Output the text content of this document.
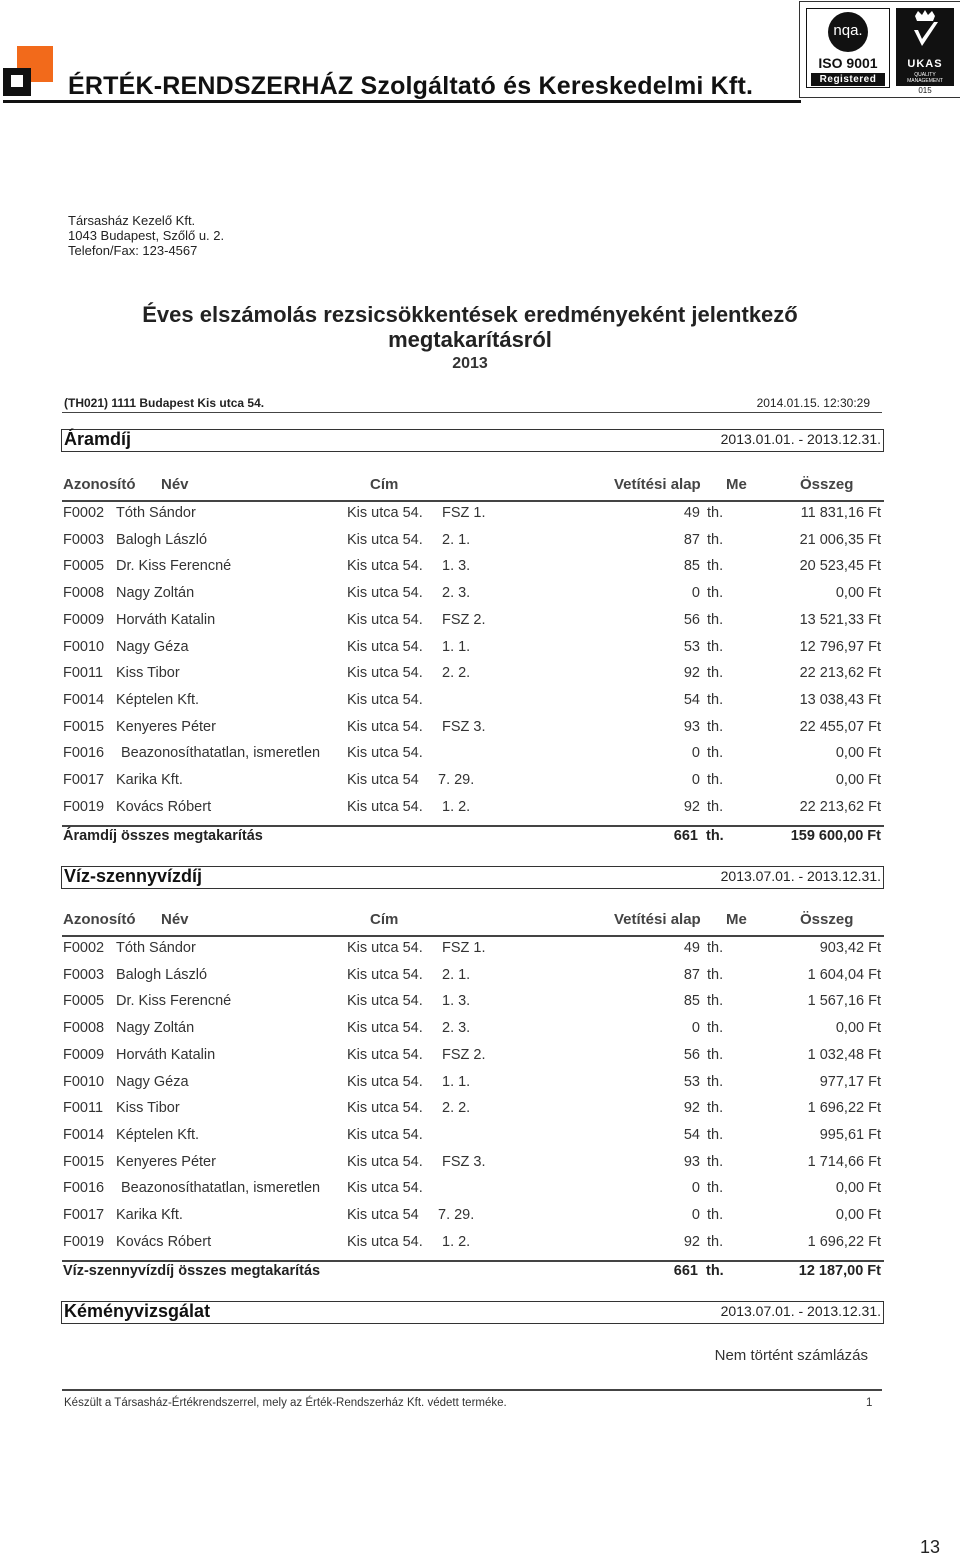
ÉRTÉK-RENDSZERHÁZ Szolgáltató és Kereskedelmi Kft.
nqa.
ISO 9001
Registered
UKAS
QUALITY MANAGEMENT
015
Társasház Kezelő Kft.
1043 Budapest, Szőlő u. 2.
Telefon/Fax: 123-4567
Éves elszámolás rezsicsökkentések eredményeként jelentkező
megtakarításról
2013
(TH021) 1111 Budapest Kis utca 54.	2014.01.15. 12:30:29
Áramdíj	2013.01.01. - 2013.12.31.
Azonosító Név	Cím	Vetítési alap Me	Összeg
F0002 Tóth Sándor	Kis utca 54. FSZ 1.	49 th.	11 831,16 Ft
F0003 Balogh László	Kis utca 54. 2. 1.	87 th.	21 006,35 Ft
F0005 Dr. Kiss Ferencné	Kis utca 54. 1. 3.	85 th.	20 523,45 Ft
F0008 Nagy Zoltán	Kis utca 54. 2. 3.	0 th.	0,00 Ft
F0009 Horváth Katalin	Kis utca 54. FSZ 2.	56 th.	13 521,33 Ft
F0010 Nagy Géza	Kis utca 54. 1. 1.	53 th.	12 796,97 Ft
F0011 Kiss Tibor	Kis utca 54. 2. 2.	92 th.	22 213,62 Ft
F0014 Képtelen Kft.	Kis utca 54.	54 th.	13 038,43 Ft
F0015 Kenyeres Péter	Kis utca 54. FSZ 3.	93 th.	22 455,07 Ft
F0016 Beazonosíthatatlan, ismeretlen Kis utca 54.	0 th.	0,00 Ft
F0017 Karika Kft.	Kis utca 54 7. 29.	0 th.	0,00 Ft
F0019 Kovács Róbert	Kis utca 54. 1. 2.	92 th.	22 213,62 Ft
Áramdíj összes megtakarítás	661 th.	159 600,00 Ft
Víz-szennyvízdíj	2013.07.01. - 2013.12.31.
Azonosító Név	Cím	Vetítési alap Me	Összeg
F0002 Tóth Sándor	Kis utca 54. FSZ 1.	49 th.	903,42 Ft
F0003 Balogh László	Kis utca 54. 2. 1.	87 th.	1 604,04 Ft
F0005 Dr. Kiss Ferencné	Kis utca 54. 1. 3.	85 th.	1 567,16 Ft
F0008 Nagy Zoltán	Kis utca 54. 2. 3.	0 th.	0,00 Ft
F0009 Horváth Katalin	Kis utca 54. FSZ 2.	56 th.	1 032,48 Ft
F0010 Nagy Géza	Kis utca 54. 1. 1.	53 th.	977,17 Ft
F0011 Kiss Tibor	Kis utca 54. 2. 2.	92 th.	1 696,22 Ft
F0014 Képtelen Kft.	Kis utca 54.	54 th.	995,61 Ft
F0015 Kenyeres Péter	Kis utca 54. FSZ 3.	93 th.	1 714,66 Ft
F0016 Beazonosíthatatlan, ismeretlen Kis utca 54.	0 th.	0,00 Ft
F0017 Karika Kft.	Kis utca 54 7. 29.	0 th.	0,00 Ft
F0019 Kovács Róbert	Kis utca 54. 1. 2.	92 th.	1 696,22 Ft
Víz-szennyvízdíj összes megtakarítás	661 th.	12 187,00 Ft
Kéményvizsgálat	2013.07.01. - 2013.12.31.
Nem történt számlázás
Készült a Társasház-Értékrendszerrel, mely az Érték-Rendszerház Kft. védett terméke.	1
13
